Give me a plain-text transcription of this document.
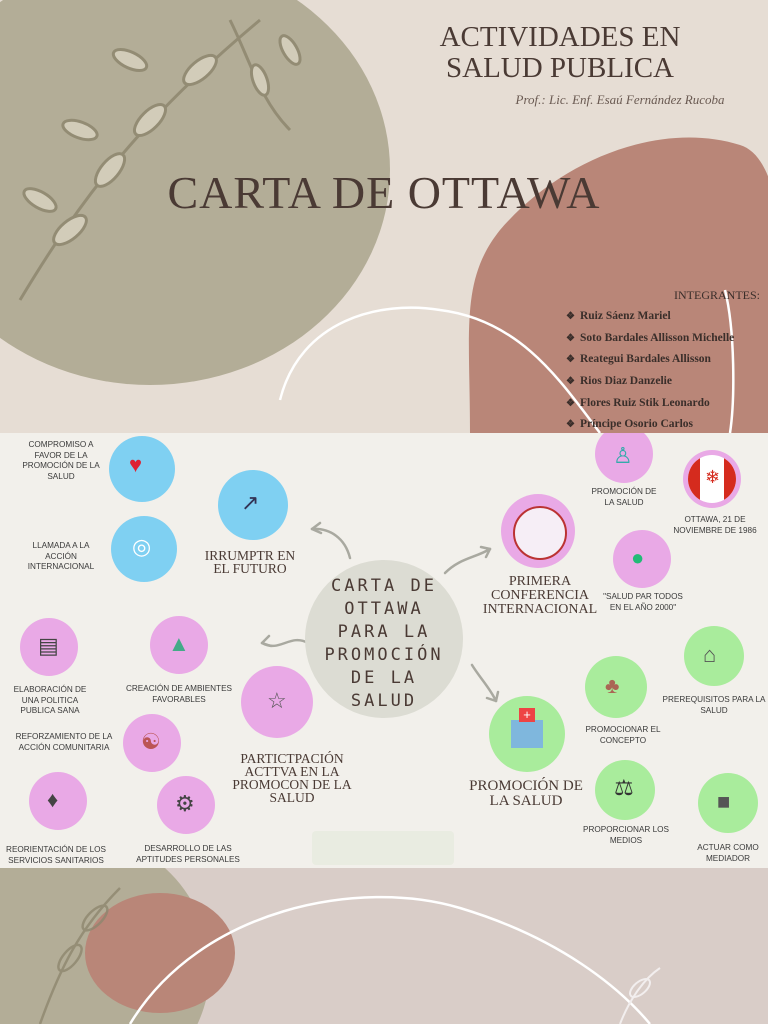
ACTIVIDADES EN SALUD PUBLICA
Prof.: Lic. Enf. Esaú Fernández Rucoba
CARTA DE OTTAWA
INTEGRANTES:
❖ Ruiz Sáenz Mariel
❖ Soto Bardales Allisson Michelle
❖ Reategui Bardales Allisson
❖ Rios Diaz Danzelie
❖ Flores Ruiz Stik Leonardo
❖ Príncipe Osorio Carlos
CARTA DE OTTAWA PARA LA PROMOCIÓN DE LA SALUD
♥
COMPROMISO A FAVOR DE LA PROMOCIÓN DE LA SALUD
◎
LLAMADA A LA ACCIÓN INTERNACIONAL
↗
IRRUMPTR EN EL FUTURO
▤
ELABORACIÓN DE UNA POLITICA PUBLICA SANA
▲
CREACIÓN DE AMBIENTES FAVORABLES	☆
PARTICTPACIÓN ACTTVA EN LA PROMOCON DE LA SALUD
☯
REFORZAMIENTO DE LA ACCIÓN COMUNITARIA
♦
REORIENTACIÓN DE LOS SERVICIOS SANITARIOS
⚙
DESARROLLO DE LAS APTITUDES PERSONALES
♙
PROMOCIÓN DE LA SALUD
❄
OTTAWA, 21 DE NOVIEMBRE DE 1986
PRIMERA CONFERENCIA INTERNACIONAL
●
"SALUD PAR TODOS EN EL AÑO 2000"
⌂
PREREQUISITOS PARA LA SALUD
♣
PROMOCIONAR EL CONCEPTO
+
PROMOCIÓN DE LA SALUD
⚖
PROPORCIONAR LOS MEDIOS
■
ACTUAR COMO MEDIADOR
